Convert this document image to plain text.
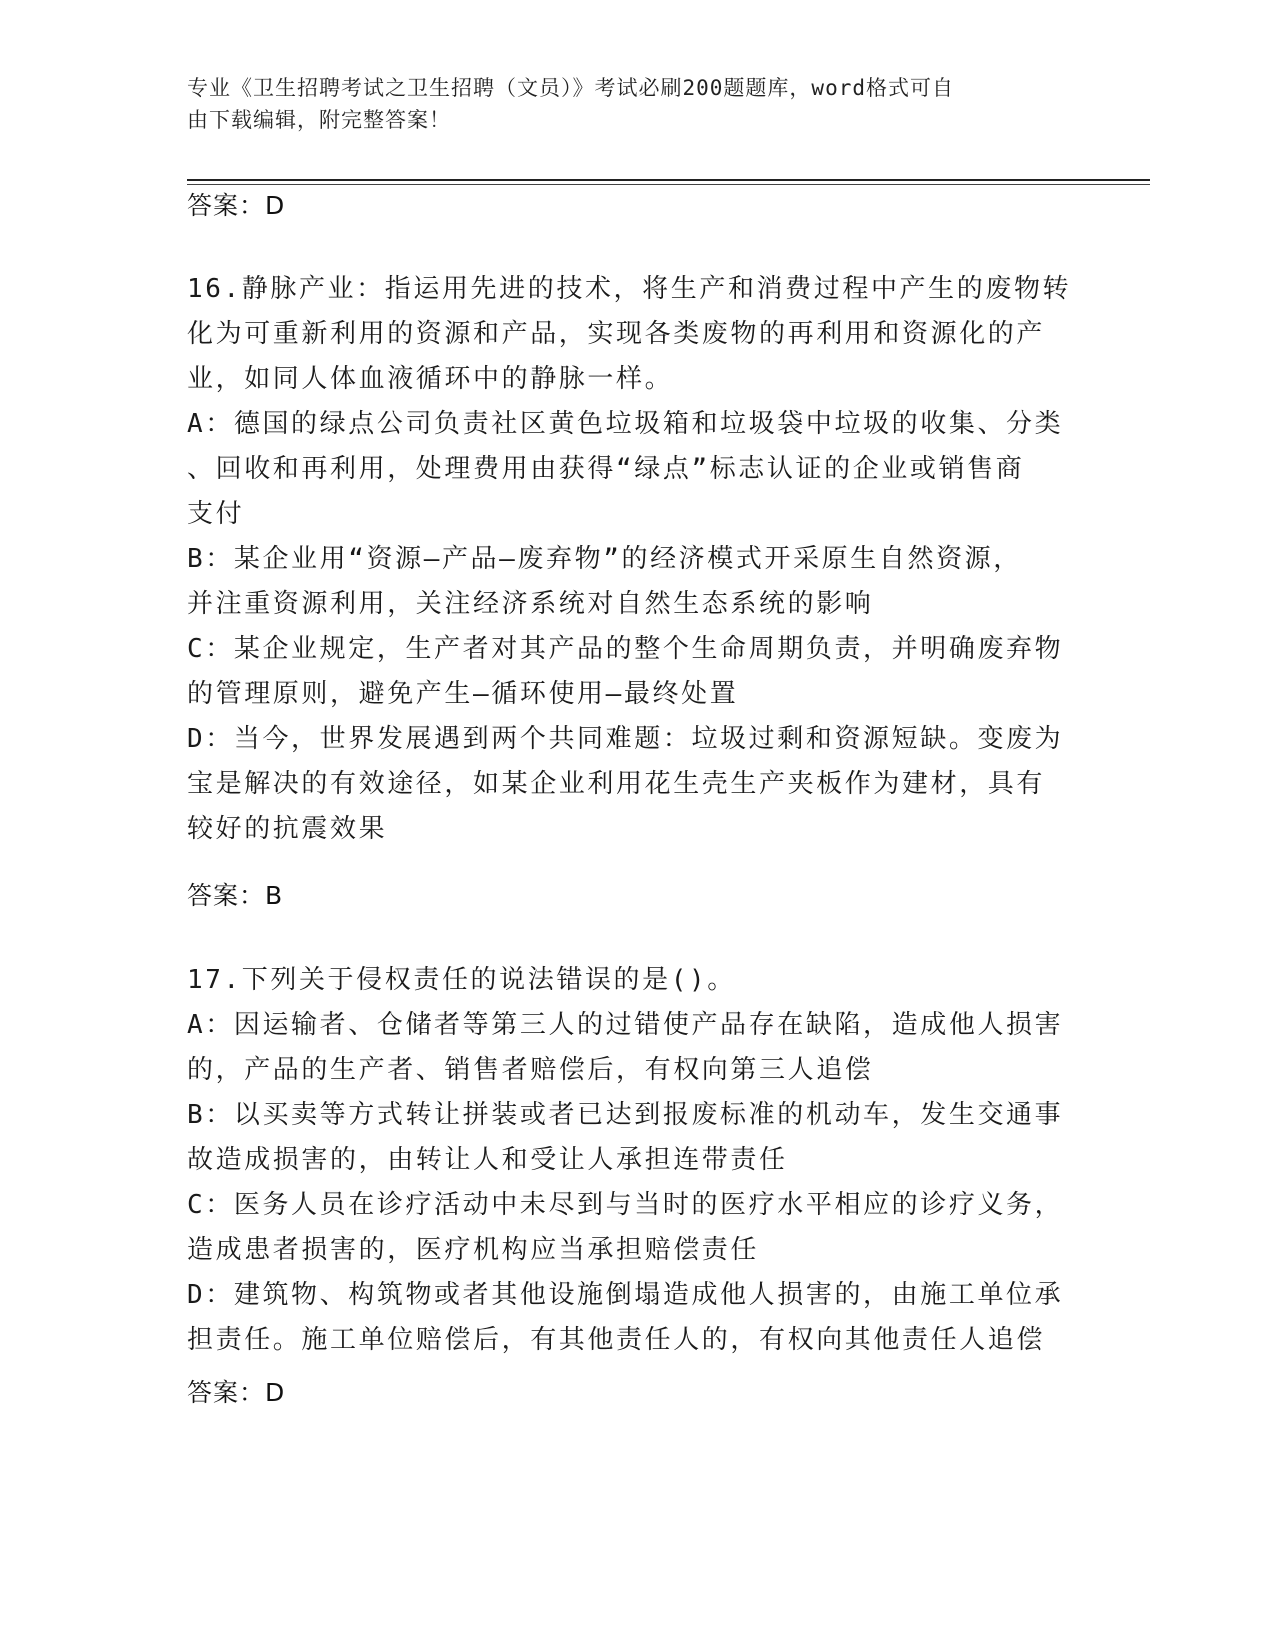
专业《卫生招聘考试之卫生招聘（文员）》考试必刷200题题库，word格式可自
由下载编辑，附完整答案！
答案：D
16.静脉产业：指运用先进的技术，将生产和消费过程中产生的废物转
化为可重新利用的资源和产品，实现各类废物的再利用和资源化的产
业，如同人体血液循环中的静脉一样。
A：德国的绿点公司负责社区黄色垃圾箱和垃圾袋中垃圾的收集、分类
、回收和再利用，处理费用由获得“绿点”标志认证的企业或销售商
支付
B：某企业用“资源—产品—废弃物”的经济模式开采原生自然资源，
并注重资源利用，关注经济系统对自然生态系统的影响
C：某企业规定，生产者对其产品的整个生命周期负责，并明确废弃物
的管理原则，避免产生—循环使用—最终处置
D：当今，世界发展遇到两个共同难题：垃圾过剩和资源短缺。变废为
宝是解决的有效途径，如某企业利用花生壳生产夹板作为建材，具有
较好的抗震效果
答案：B
17.下列关于侵权责任的说法错误的是()。
A：因运输者、仓储者等第三人的过错使产品存在缺陷，造成他人损害
的，产品的生产者、销售者赔偿后，有权向第三人追偿
B：以买卖等方式转让拼装或者已达到报废标准的机动车，发生交通事
故造成损害的，由转让人和受让人承担连带责任
C：医务人员在诊疗活动中未尽到与当时的医疗水平相应的诊疗义务，
造成患者损害的，医疗机构应当承担赔偿责任
D：建筑物、构筑物或者其他设施倒塌造成他人损害的，由施工单位承
担责任。施工单位赔偿后，有其他责任人的，有权向其他责任人追偿
答案：D
